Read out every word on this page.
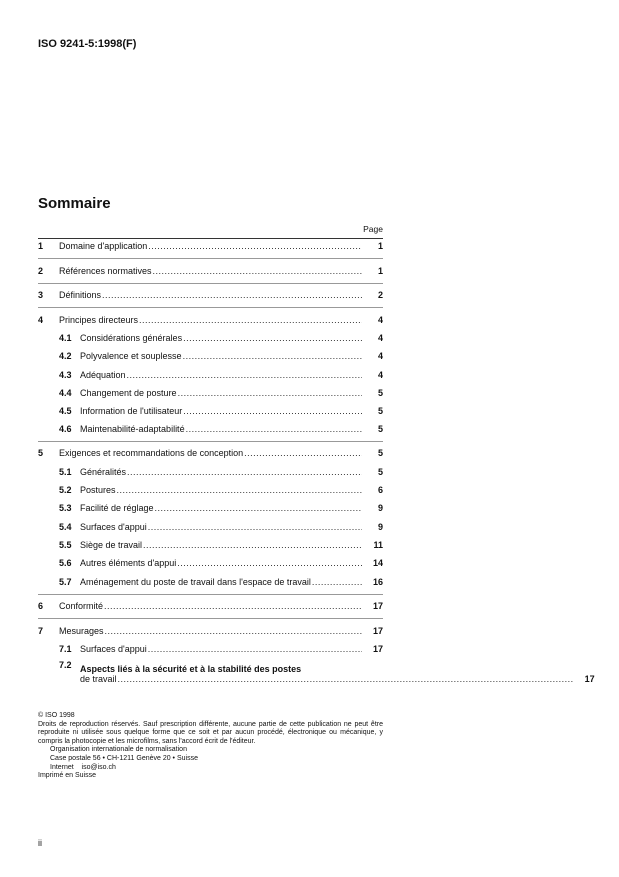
ISO 9241-5:1998(F)
Sommaire
Page
1	Domaine d'application .....	1
2	Références normatives .....	1
3	Définitions .....	2
4	Principes directeurs .....	4
4.1 Considérations générales .....	4
4.2 Polyvalence et souplesse .....	4
4.3 Adéquation .....	4
4.4 Changement de posture .....	5
4.5 Information de l'utilisateur .....	5
4.6 Maintenabilité-adaptabilité .....	5
5	Exigences et recommandations de conception .....	5
5.1 Généralités .....	5
5.2 Postures .....	6
5.3 Facilité de réglage .....	9
5.4 Surfaces d'appui .....	9
5.5 Siège de travail .....	11
5.6 Autres éléments d'appui .....	14
5.7 Aménagement du poste de travail dans l'espace de travail .....	16
6	Conformité .....	17
7	Mesurages .....	17
7.1 Surfaces d'appui .....	17
7.2 Aspects liés à la sécurité et à la stabilité des postes
de travail .....	17
© ISO 1998
Droits de reproduction réservés. Sauf prescription différente, aucune partie de cette publication ne peut être reproduite ni utilisée sous quelque forme que ce soit et par aucun procédé, électronique ou mécanique, y compris la photocopie et les microfilms, sans l'accord écrit de l'éditeur.
Organisation internationale de normalisation
Case postale 56 • CH-1211 Genève 20 • Suisse
Internet iso@iso.ch
Imprimé en Suisse
ii
